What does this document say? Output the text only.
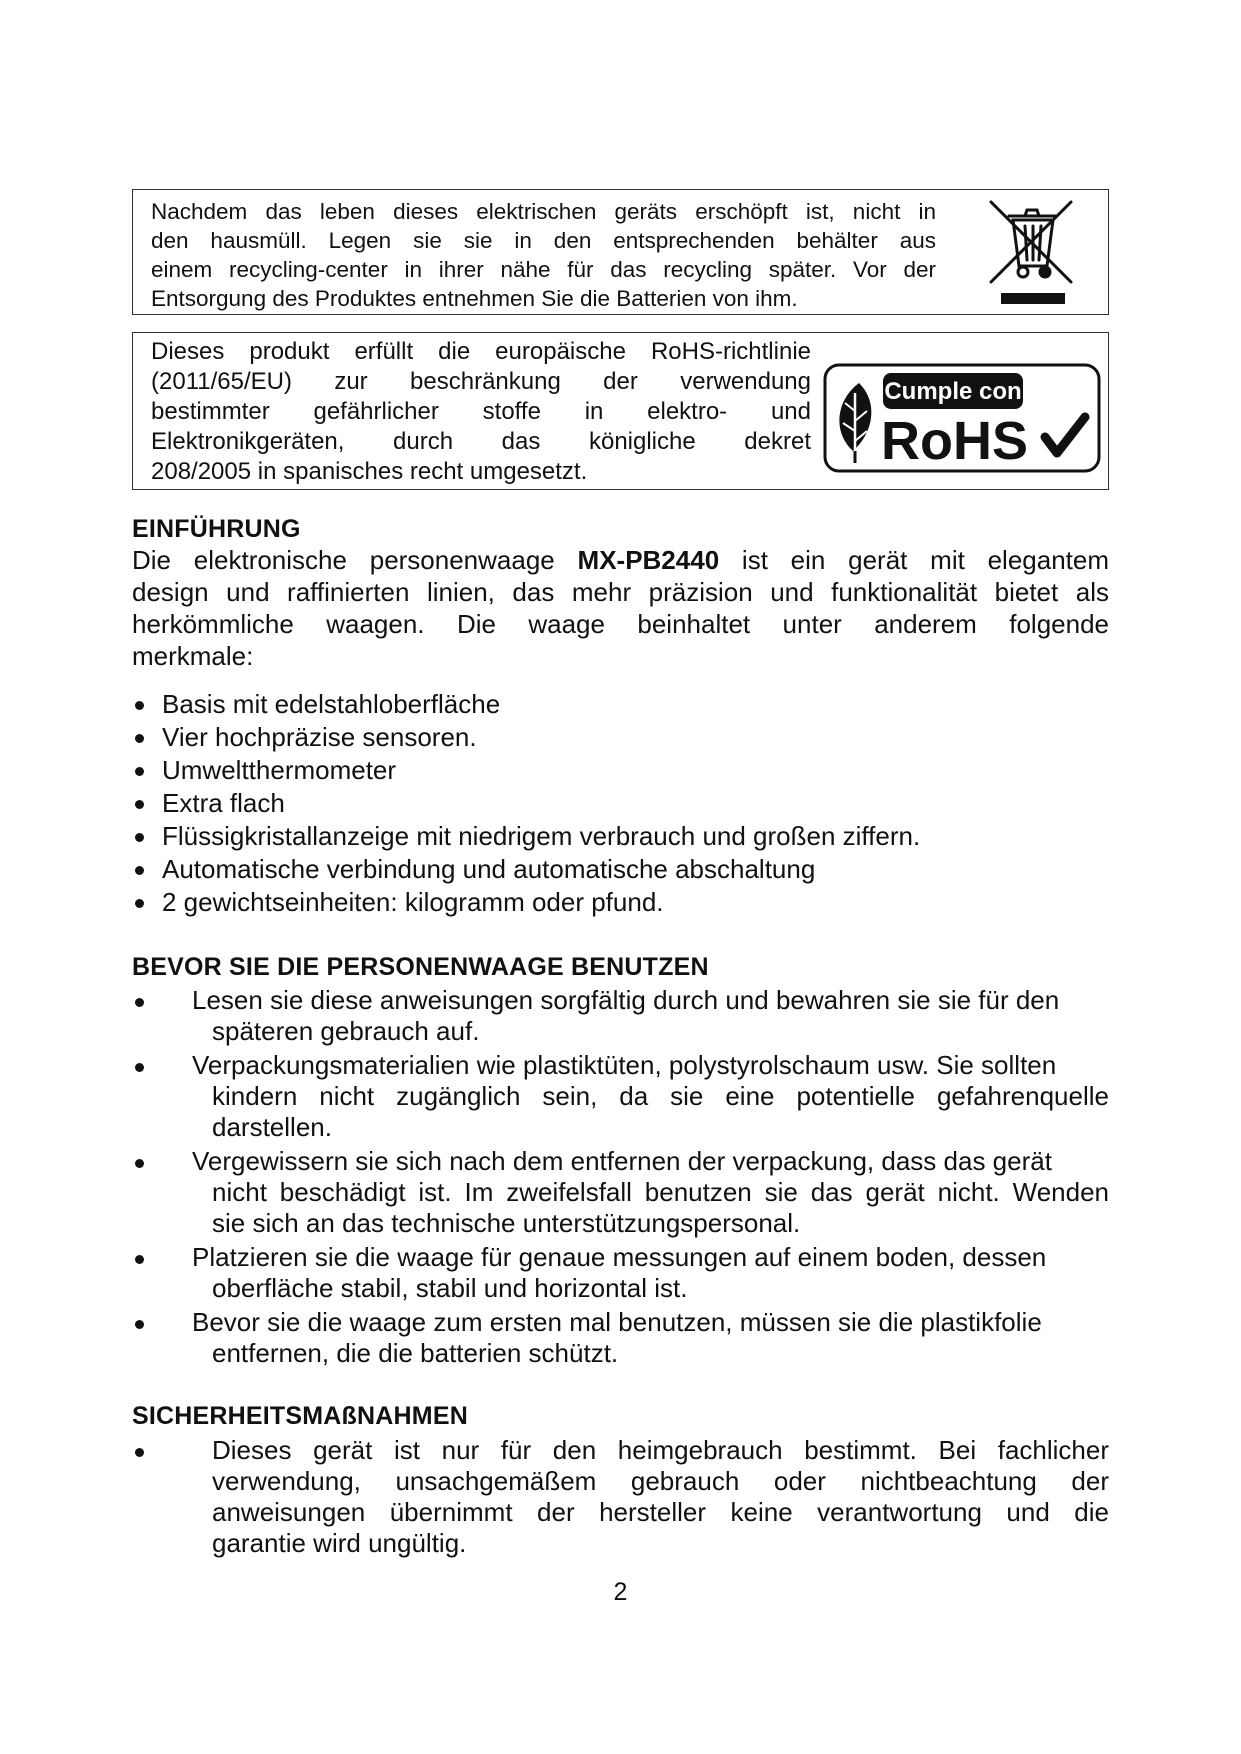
Nachdem das leben dieses elektrischen geräts erschöpft ist, nicht in
den hausmüll. Legen sie sie in den entsprechenden behälter aus
einem recycling-center in ihrer nähe für das recycling später. Vor der
Entsorgung des Produktes entnehmen Sie die Batterien von ihm.
Dieses produkt erfüllt die europäische RoHS-richtlinie
(2011/65/EU) zur beschränkung der verwendung
bestimmter gefährlicher stoffe in elektro- und
Elektronikgeräten, durch das königliche dekret
208/2005 in spanisches recht umgesetzt.
Cumple con
RoHS
EINFÜHRUNG
Die elektronische personenwaage MX-PB2440 ist ein gerät mit elegantem
design und raffinierten linien, das mehr präzision und funktionalität bietet als
herkömmliche waagen. Die waage beinhaltet unter anderem folgende
merkmale:
Basis mit edelstahloberfläche
Vier hochpräzise sensoren.
Umweltthermometer
Extra flach
Flüssigkristallanzeige mit niedrigem verbrauch und großen ziffern.
Automatische verbindung und automatische abschaltung
2 gewichtseinheiten: kilogramm oder pfund.
BEVOR SIE DIE PERSONENWAAGE BENUTZEN
Lesen sie diese anweisungen sorgfältig durch und bewahren sie sie für den
späteren gebrauch auf.
Verpackungsmaterialien wie plastiktüten, polystyrolschaum usw. Sie sollten
kindern nicht zugänglich sein, da sie eine potentielle gefahrenquelle
darstellen.
Vergewissern sie sich nach dem entfernen der verpackung, dass das gerät
nicht beschädigt ist. Im zweifelsfall benutzen sie das gerät nicht. Wenden
sie sich an das technische unterstützungspersonal.
Platzieren sie die waage für genaue messungen auf einem boden, dessen
oberfläche stabil, stabil und horizontal ist.
Bevor sie die waage zum ersten mal benutzen, müssen sie die plastikfolie
entfernen, die die batterien schützt.
SICHERHEITSMAßNAHMEN
Dieses gerät ist nur für den heimgebrauch bestimmt. Bei fachlicher
verwendung, unsachgemäßem gebrauch oder nichtbeachtung der
anweisungen übernimmt der hersteller keine verantwortung und die
garantie wird ungültig.
2
